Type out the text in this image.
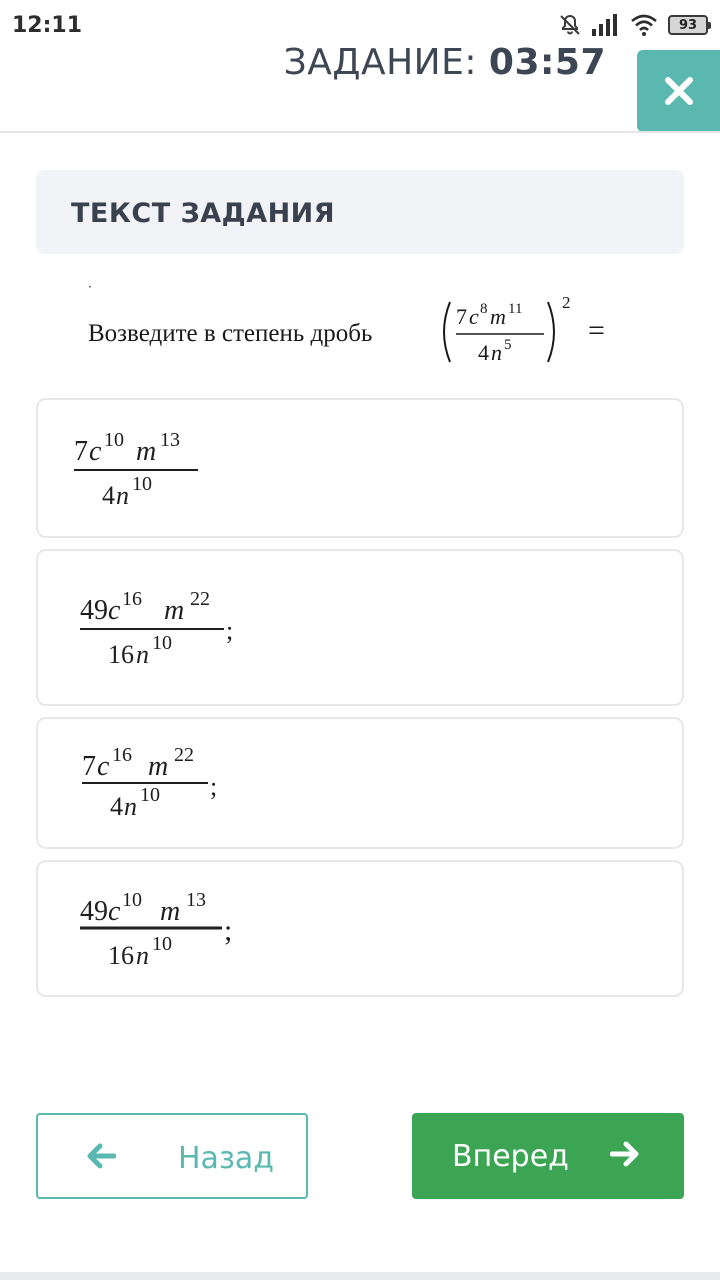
12:11	93
ЗАДАНИЕ: 03:57
ТЕКСТ ЗАДАНИЯ
·
Возведите в степень дробь
7 c 8 m 11
4 n 5
2
=
7 c 10 m 13
4 n 10
49 c 16 m 22
16 n 10 ;
7 c 16 m 22
4 n 10 ;
49 c 10 m 13
16 n 10 ;
Назад	Вперед
